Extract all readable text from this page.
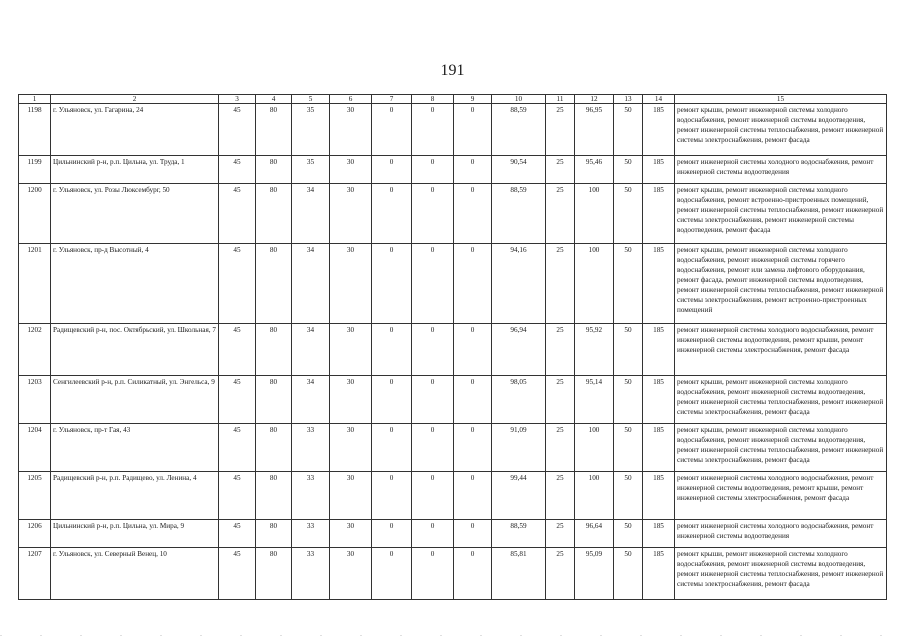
191
1	2	3	4	5	6	7	8	9	10	11	12	13	14	15
1198	г. Ульяновск, ул. Гагарина, 24	45	80	35	30	0	0	0	88,59	25	96,95	50	185	ремонт крыши, ремонт инженерной системы холодного водоснабжения, ремонт инженерной системы водоотведения, ремонт инженерной системы теплоснабжения, ремонт инженерной системы электроснабжения, ремонт фасада
1199	Цильнинский р-н, р.п. Цильна, ул. Труда, 1	45	80	35	30	0	0	0	90,54	25	95,46	50	185	ремонт инженерной системы холодного водоснабжения, ремонт инженерной системы водоотведения
1200	г. Ульяновск, ул. Розы Люксембург, 50	45	80	34	30	0	0	0	88,59	25	100	50	185	ремонт крыши, ремонт инженерной системы холодного водоснабжения, ремонт встроенно-пристроенных помещений, ремонт инженерной системы теплоснабжения, ремонт инженерной системы электроснабжения, ремонт инженерной системы водоотведения, ремонт фасада
1201	г. Ульяновск, пр-д Высотный, 4	45	80	34	30	0	0	0	94,16	25	100	50	185	ремонт крыши, ремонт инженерной системы холодного водоснабжения, ремонт инженерной системы горячего водоснабжения, ремонт или замена лифтового оборудования, ремонт фасада, ремонт инженерной системы водоотведения, ремонт инженерной системы теплоснабжения, ремонт инженерной системы электроснабжения, ремонт встроенно-пристроенных помещений
1202	Радищевский р-н, пос. Октябрьский, ул. Школьная, 7	45	80	34	30	0	0	0	96,94	25	95,92	50	185	ремонт инженерной системы холодного водоснабжения, ремонт инженерной системы водоотведения, ремонт крыши, ремонт инженерной системы электроснабжения, ремонт фасада
1203	Сенгилеевский р-н, р.п. Силикатный, ул. Энгельса, 9	45	80	34	30	0	0	0	98,05	25	95,14	50	185	ремонт крыши, ремонт инженерной системы холодного водоснабжения, ремонт инженерной системы водоотведения, ремонт инженерной системы теплоснабжения, ремонт инженерной системы электроснабжения, ремонт фасада
1204	г. Ульяновск, пр-т Гая, 43	45	80	33	30	0	0	0	91,09	25	100	50	185	ремонт крыши, ремонт инженерной системы холодного водоснабжения, ремонт инженерной системы водоотведения, ремонт инженерной системы теплоснабжения, ремонт инженерной системы электроснабжения, ремонт фасада
1205	Радищевский р-н, р.п. Радищево, ул. Ленина, 4	45	80	33	30	0	0	0	99,44	25	100	50	185	ремонт инженерной системы холодного водоснабжения, ремонт инженерной системы водоотведения, ремонт крыши, ремонт инженерной системы электроснабжения, ремонт фасада
1206	Цильнинский р-н, р.п. Цильна, ул. Мира, 9	45	80	33	30	0	0	0	88,59	25	96,64	50	185	ремонт инженерной системы холодного водоснабжения, ремонт инженерной системы водоотведения
1207	г. Ульяновск, ул. Северный Венец, 10	45	80	33	30	0	0	0	85,81	25	95,09	50	185	ремонт крыши, ремонт инженерной системы холодного водоснабжения, ремонт инженерной системы водоотведения, ремонт инженерной системы теплоснабжения, ремонт инженерной системы электроснабжения, ремонт фасада
